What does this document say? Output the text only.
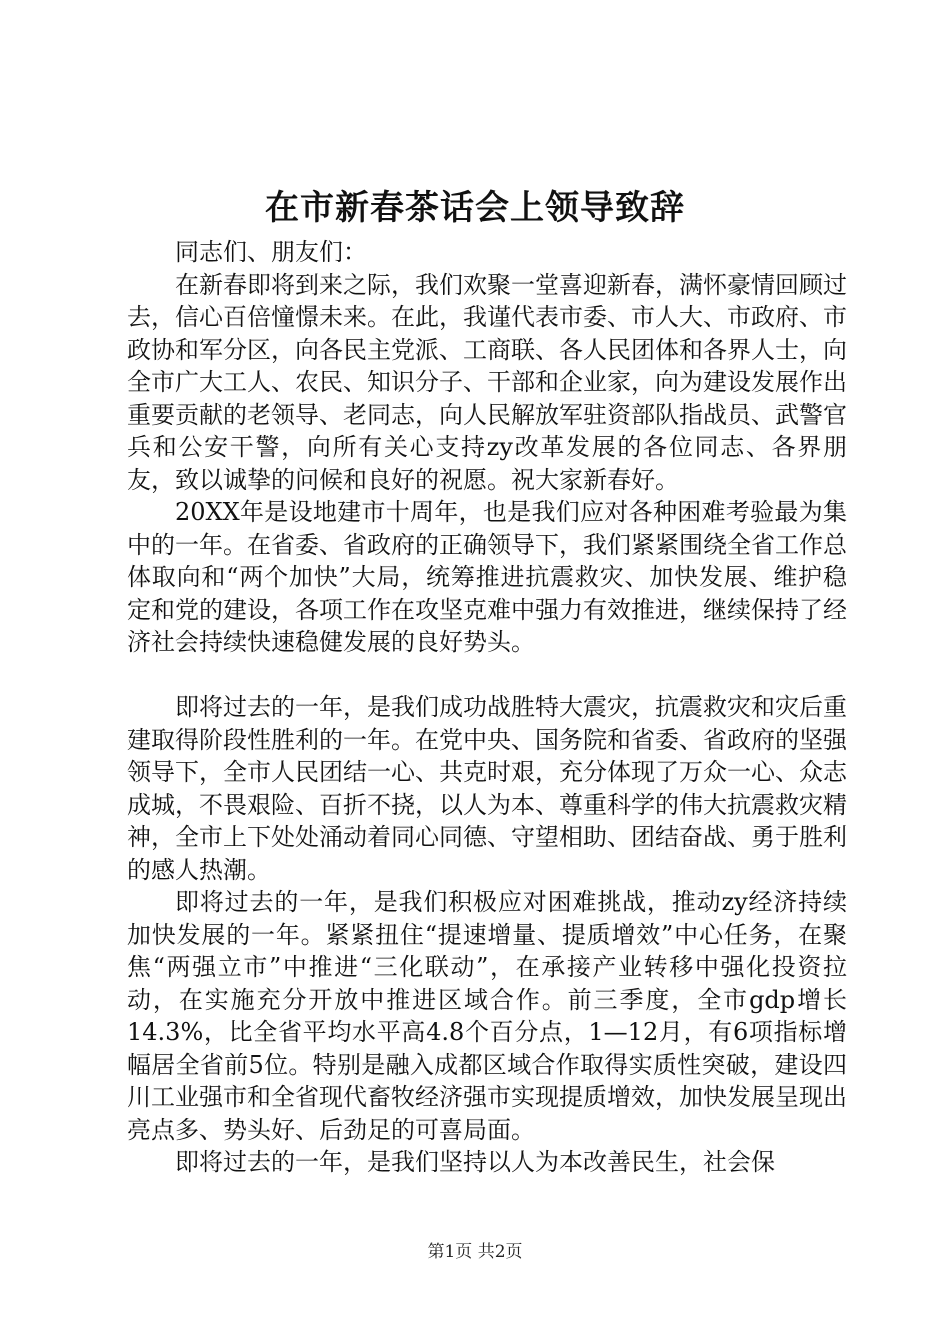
在市新春茶话会上领导致辞

同志们、朋友们：

在新春即将到来之际，我们欢聚一堂喜迎新春，满怀豪情回顾过去，信心百倍憧憬未来。在此，我谨代表市委、市人大、市政府、市政协和军分区，向各民主党派、工商联、各人民团体和各界人士，向全市广大工人、农民、知识分子、干部和企业家，向为建设发展作出重要贡献的老领导、老同志，向人民解放军驻资部队指战员、武警官兵和公安干警，向所有关心支持zy改革发展的各位同志、各界朋友，致以诚挚的问候和良好的祝愿。祝大家新春好。

20XX年是设地建市十周年，也是我们应对各种困难考验最为集中的一年。在省委、省政府的正确领导下，我们紧紧围绕全省工作总体取向和“两个加快”大局，统筹推进抗震救灾、加快发展、维护稳定和党的建设，各项工作在攻坚克难中强力有效推进，继续保持了经济社会持续快速稳健发展的良好势头。

即将过去的一年，是我们成功战胜特大震灾，抗震救灾和灾后重建取得阶段性胜利的一年。在党中央、国务院和省委、省政府的坚强领导下，全市人民团结一心、共克时艰，充分体现了万众一心、众志成城，不畏艰险、百折不挠，以人为本、尊重科学的伟大抗震救灾精神，全市上下处处涌动着同心同德、守望相助、团结奋战、勇于胜利的感人热潮。

即将过去的一年，是我们积极应对困难挑战，推动zy经济持续加快发展的一年。紧紧扭住“提速增量、提质增效”中心任务，在聚焦“两强立市”中推进“三化联动”，在承接产业转移中强化投资拉动，在实施充分开放中推进区域合作。前三季度，全市gdp增长14.3%，比全省平均水平高4.8个百分点，1—12月，有6项指标增幅居全省前5位。特别是融入成都区域合作取得实质性突破，建设四川工业强市和全省现代畜牧经济强市实现提质增效，加快发展呈现出亮点多、势头好、后劲足的可喜局面。

即将过去的一年，是我们坚持以人为本改善民生，社会保

第1页 共2页
